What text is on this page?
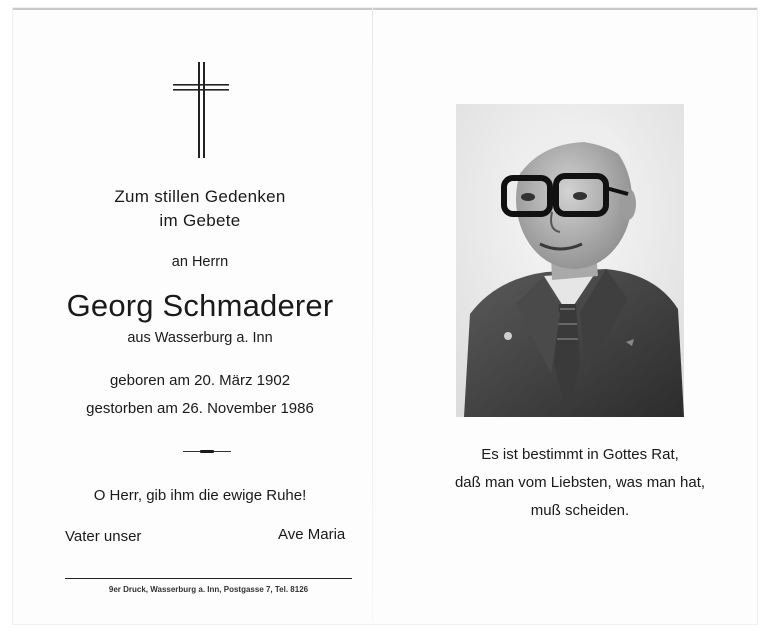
Zum stillen Gedenken
im Gebete
an Herrn
Georg Schmaderer
aus Wasserburg a. Inn
geboren am 20. März 1902
gestorben am 26. November 1986
O Herr, gib ihm die ewige Ruhe!
Vater unser	Ave Maria
9er Druck, Wasserburg a. Inn, Postgasse 7, Tel. 8126
Es ist bestimmt in Gottes Rat,
daß man vom Liebsten, was man hat,
muß scheiden.
